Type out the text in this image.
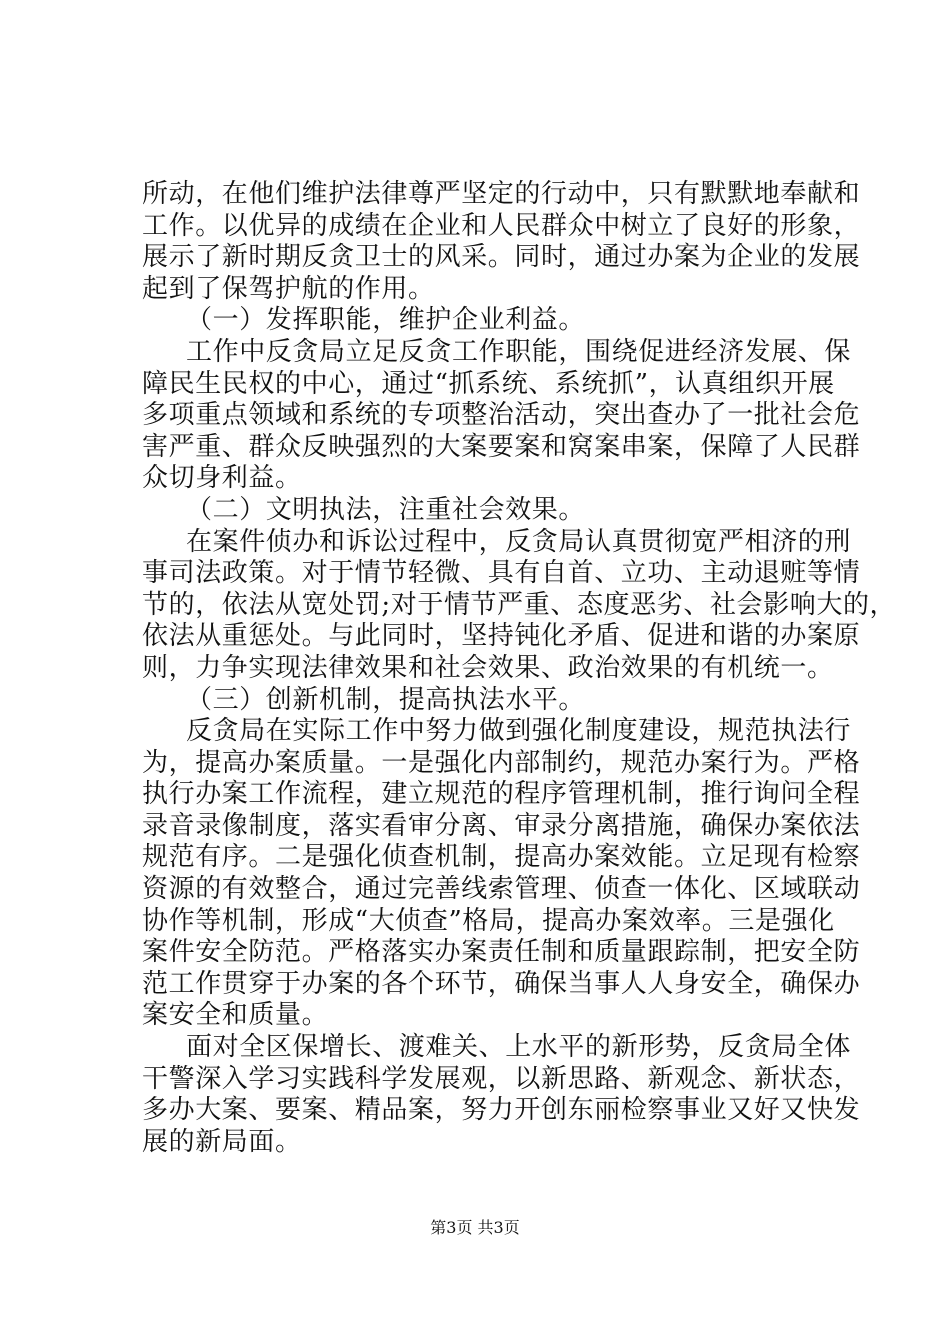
所动，在他们维护法律尊严坚定的行动中，只有默默地奉献和
工作。以优异的成绩在企业和人民群众中树立了良好的形象，
展示了新时期反贪卫士的风采。同时，通过办案为企业的发展
起到了保驾护航的作用。
（一）发挥职能，维护企业利益。
工作中反贪局立足反贪工作职能，围绕促进经济发展、保
障民生民权的中心，通过“抓系统、系统抓”，认真组织开展
多项重点领域和系统的专项整治活动，突出查办了一批社会危
害严重、群众反映强烈的大案要案和窝案串案，保障了人民群
众切身利益。
（二）文明执法，注重社会效果。
在案件侦办和诉讼过程中，反贪局认真贯彻宽严相济的刑
事司法政策。对于情节轻微、具有自首、立功、主动退赃等情
节的，依法从宽处罚;对于情节严重、态度恶劣、社会影响大的，
依法从重惩处。与此同时，坚持钝化矛盾、促进和谐的办案原
则，力争实现法律效果和社会效果、政治效果的有机统一。
（三）创新机制，提高执法水平。
反贪局在实际工作中努力做到强化制度建设，规范执法行
为，提高办案质量。一是强化内部制约，规范办案行为。严格
执行办案工作流程，建立规范的程序管理机制，推行询问全程
录音录像制度，落实看审分离、审录分离措施，确保办案依法
规范有序。二是强化侦查机制，提高办案效能。立足现有检察
资源的有效整合，通过完善线索管理、侦查一体化、区域联动
协作等机制，形成“大侦查”格局，提高办案效率。三是强化
案件安全防范。严格落实办案责任制和质量跟踪制，把安全防
范工作贯穿于办案的各个环节，确保当事人人身安全，确保办
案安全和质量。
面对全区保增长、渡难关、上水平的新形势，反贪局全体
干警深入学习实践科学发展观，以新思路、新观念、新状态，
多办大案、要案、精品案，努力开创东丽检察事业又好又快发
展的新局面。
第3页 共3页
